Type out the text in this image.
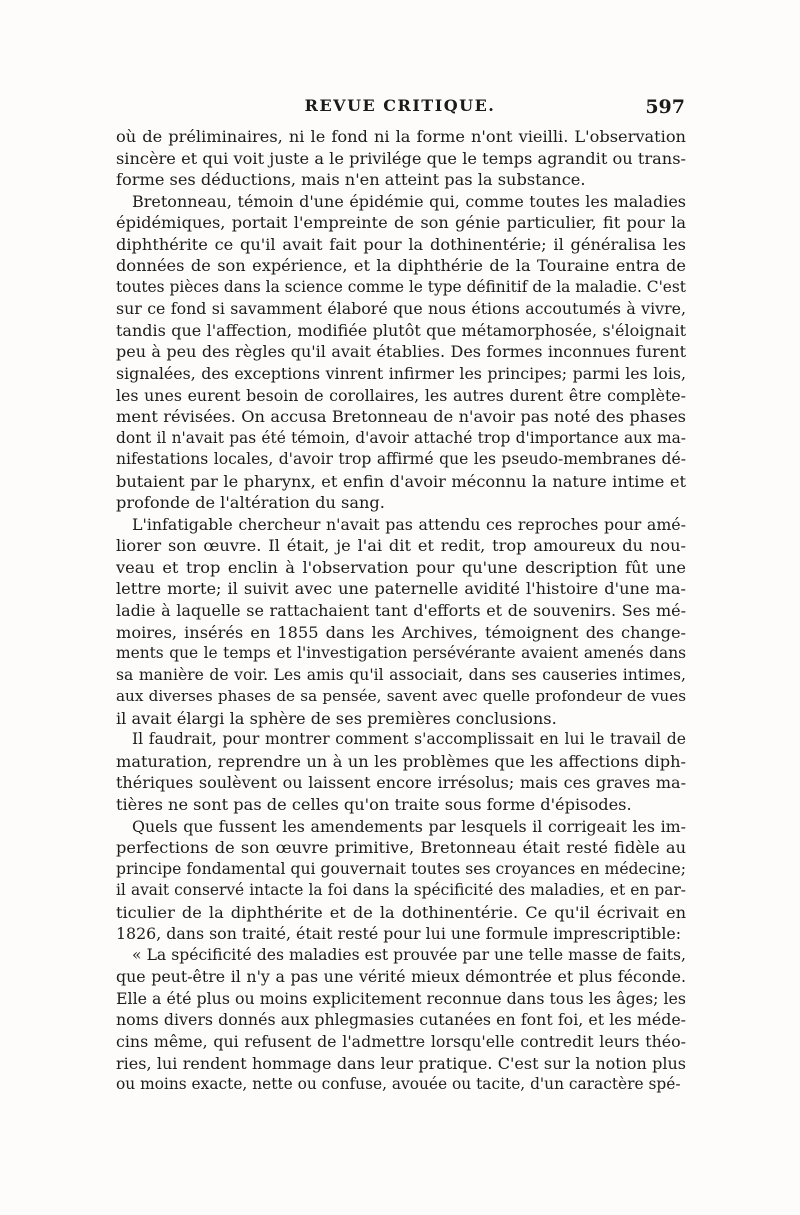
REVUE CRITIQUE.	597
où de préliminaires, ni le fond ni la forme n'ont vieilli. L'observation
sincère et qui voit juste a le privilége que le temps agrandit ou trans-
forme ses déductions, mais n'en atteint pas la substance.
Bretonneau, témoin d'une épidémie qui, comme toutes les maladies
épidémiques, portait l'empreinte de son génie particulier, fit pour la
diphthérite ce qu'il avait fait pour la dothinentérie; il généralisa les
données de son expérience, et la diphthérie de la Touraine entra de
toutes pièces dans la science comme le type définitif de la maladie. C'est
sur ce fond si savamment élaboré que nous étions accoutumés à vivre,
tandis que l'affection, modifiée plutôt que métamorphosée, s'éloignait
peu à peu des règles qu'il avait établies. Des formes inconnues furent
signalées, des exceptions vinrent infirmer les principes; parmi les lois,
les unes eurent besoin de corollaires, les autres durent être complète-
ment révisées. On accusa Bretonneau de n'avoir pas noté des phases
dont il n'avait pas été témoin, d'avoir attaché trop d'importance aux ma-
nifestations locales, d'avoir trop affirmé que les pseudo-membranes dé-
butaient par le pharynx, et enfin d'avoir méconnu la nature intime et
profonde de l'altération du sang.
L'infatigable chercheur n'avait pas attendu ces reproches pour amé-
liorer son œuvre. Il était, je l'ai dit et redit, trop amoureux du nou-
veau et trop enclin à l'observation pour qu'une description fût une
lettre morte; il suivit avec une paternelle avidité l'histoire d'une ma-
ladie à laquelle se rattachaient tant d'efforts et de souvenirs. Ses mé-
moires, insérés en 1855 dans les Archives, témoignent des change-
ments que le temps et l'investigation persévérante avaient amenés dans
sa manière de voir. Les amis qu'il associait, dans ses causeries intimes,
aux diverses phases de sa pensée, savent avec quelle profondeur de vues
il avait élargi la sphère de ses premières conclusions.
Il faudrait, pour montrer comment s'accomplissait en lui le travail de
maturation, reprendre un à un les problèmes que les affections diph-
thériques soulèvent ou laissent encore irrésolus; mais ces graves ma-
tières ne sont pas de celles qu'on traite sous forme d'épisodes.
Quels que fussent les amendements par lesquels il corrigeait les im-
perfections de son œuvre primitive, Bretonneau était resté fidèle au
principe fondamental qui gouvernait toutes ses croyances en médecine;
il avait conservé intacte la foi dans la spécificité des maladies, et en par-
ticulier de la diphthérite et de la dothinentérie. Ce qu'il écrivait en
1826, dans son traité, était resté pour lui une formule imprescriptible:
« La spécificité des maladies est prouvée par une telle masse de faits,
que peut-être il n'y a pas une vérité mieux démontrée et plus féconde.
Elle a été plus ou moins explicitement reconnue dans tous les âges; les
noms divers donnés aux phlegmasies cutanées en font foi, et les méde-
cins même, qui refusent de l'admettre lorsqu'elle contredit leurs théo-
ries, lui rendent hommage dans leur pratique. C'est sur la notion plus
ou moins exacte, nette ou confuse, avouée ou tacite, d'un caractère spé-
